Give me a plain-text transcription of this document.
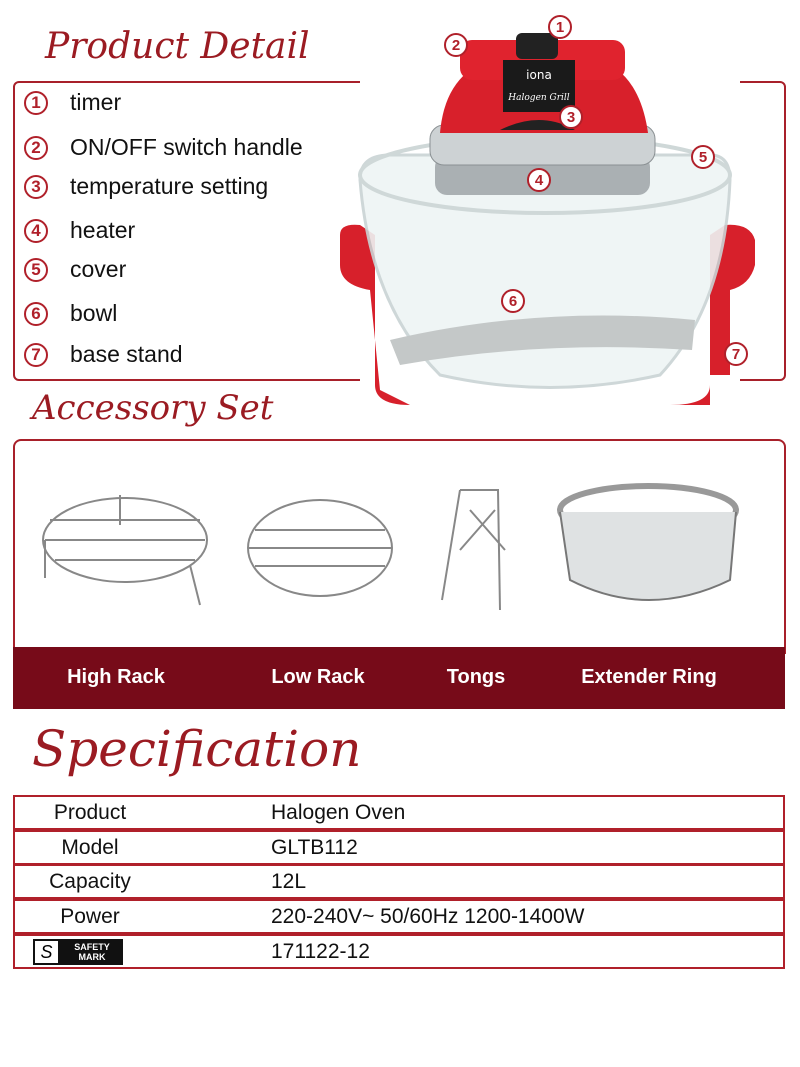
Product Detail
1	timer
2	ON/OFF switch handle
3	temperature setting
4	heater
5	cover
6	bowl
7	base stand
iona
Halogen Grill
1
2
3
4
5
6
7
Accessory Set
High Rack	Low Rack	Tongs	Extender Ring
Specification
Product	Halogen Oven
Model	GLTB112
Capacity	12L
Power	220-240V~ 50/60Hz 1200-1400W
S	SAFETY MARK	171122-12
